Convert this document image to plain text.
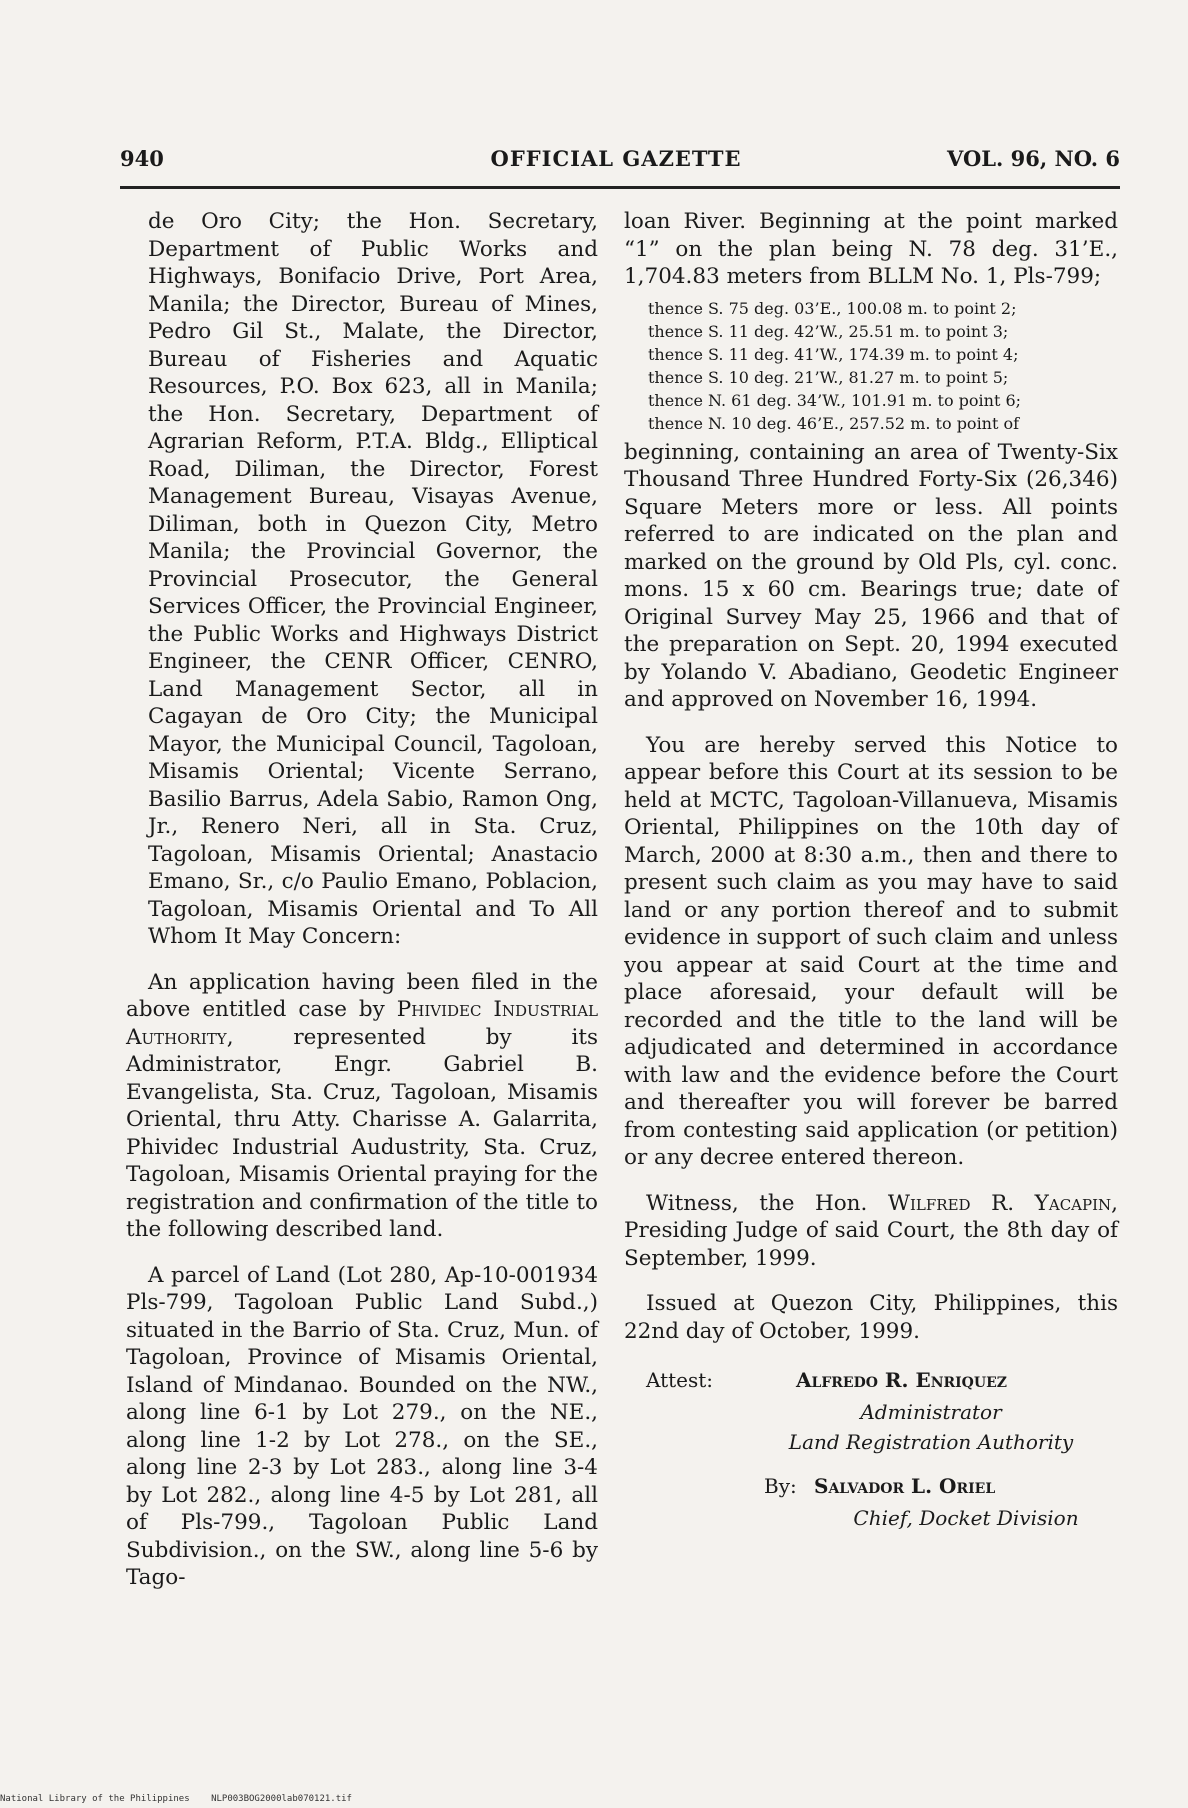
940	OFFICIAL GAZETTE	VOL. 96, NO. 6

de Oro City; the Hon. Secretary, Department of Public Works and Highways, Bonifacio Drive, Port Area, Manila; the Director, Bureau of Mines, Pedro Gil St., Malate, the Director, Bureau of Fisheries and Aquatic Resources, P.O. Box 623, all in Manila; the Hon. Secretary, Department of Agrarian Reform, P.T.A. Bldg., Elliptical Road, Diliman, the Director, Forest Management Bureau, Visayas Avenue, Diliman, both in Quezon City, Metro Manila; the Provincial Governor, the Provincial Prosecutor, the General Services Officer, the Provincial Engineer, the Public Works and Highways District Engineer, the CENR Officer, CENRO, Land Management Sector, all in Cagayan de Oro City; the Municipal Mayor, the Municipal Council, Tagoloan, Misamis Oriental; Vicente Serrano, Basilio Barrus, Adela Sabio, Ramon Ong, Jr., Renero Neri, all in Sta. Cruz, Tagoloan, Misamis Oriental; Anastacio Emano, Sr., c/o Paulio Emano, Poblacion, Tagoloan, Misamis Oriental and To All Whom It May Concern:

An application having been filed in the above entitled case by Phividec Industrial Authority, represented by its Administrator, Engr. Gabriel B. Evangelista, Sta. Cruz, Tagoloan, Misamis Oriental, thru Atty. Charisse A. Galarrita, Phividec Industrial Audustrity, Sta. Cruz, Tagoloan, Misamis Oriental praying for the registration and confirmation of the title to the following described land.

A parcel of Land (Lot 280, Ap-10-001934 Pls-799, Tagoloan Public Land Subd.,) situated in the Barrio of Sta. Cruz, Mun. of Tagoloan, Province of Misamis Oriental, Island of Mindanao. Bounded on the NW., along line 6-1 by Lot 279., on the NE., along line 1-2 by Lot 278., on the SE., along line 2-3 by Lot 283., along line 3-4 by Lot 282., along line 4-5 by Lot 281, all of Pls-799., Tagoloan Public Land Subdivision., on the SW., along line 5-6 by Tago-

loan River. Beginning at the point marked “1” on the plan being N. 78 deg. 31’E., 1,704.83 meters from BLLM No. 1, Pls-799;

thence S. 75 deg. 03’E., 100.08 m. to point 2;
thence S. 11 deg. 42’W., 25.51 m. to point 3;
thence S. 11 deg. 41’W., 174.39 m. to point 4;
thence S. 10 deg. 21’W., 81.27 m. to point 5;
thence N. 61 deg. 34’W., 101.91 m. to point 6;
thence N. 10 deg. 46’E., 257.52 m. to point of

beginning, containing an area of Twenty-Six Thousand Three Hundred Forty-Six (26,346) Square Meters more or less. All points referred to are indicated on the plan and marked on the ground by Old Pls, cyl. conc. mons. 15 x 60 cm. Bearings true; date of Original Survey May 25, 1966 and that of the preparation on Sept. 20, 1994 executed by Yolando V. Abadiano, Geodetic Engineer and approved on November 16, 1994.

You are hereby served this Notice to appear before this Court at its session to be held at MCTC, Tagoloan-Villanueva, Misamis Oriental, Philippines on the 10th day of March, 2000 at 8:30 a.m., then and there to present such claim as you may have to said land or any portion thereof and to submit evidence in support of such claim and unless you appear at said Court at the time and place aforesaid, your default will be recorded and the title to the land will be adjudicated and determined in accordance with law and the evidence before the Court and thereafter you will forever be barred from contesting said application (or petition) or any decree entered thereon.

Witness, the Hon. Wilfred R. Yacapin, Presiding Judge of said Court, the 8th day of September, 1999.

Issued at Quezon City, Philippines, this 22nd day of October, 1999.

Attest:	Alfredo R. Enriquez
Administrator
Land Registration Authority
By: Salvador L. Oriel
Chief, Docket Division
National Library of the Philippines NLP003BOG2000lab070121.tif
